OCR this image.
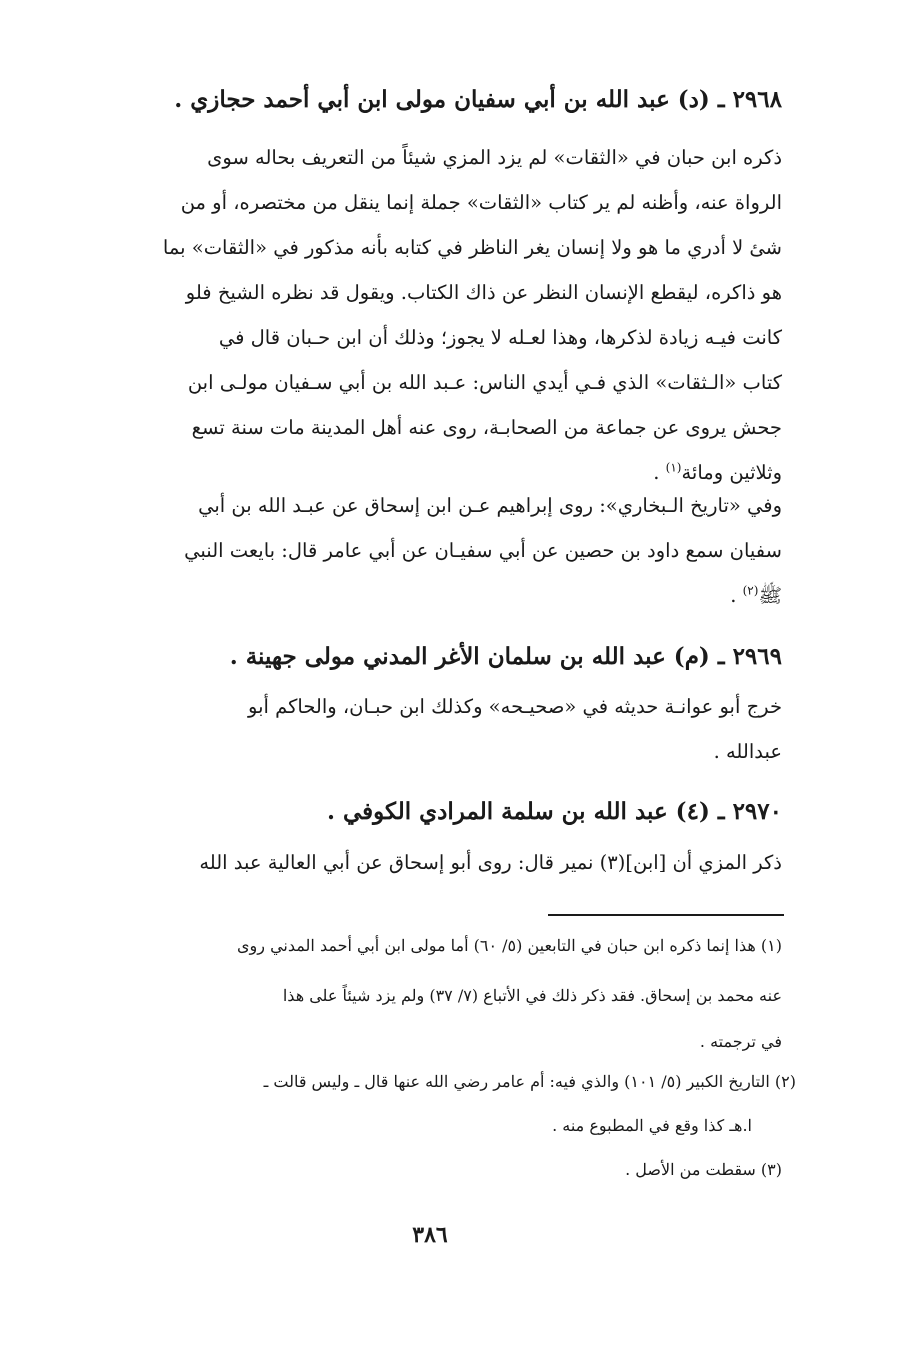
٢٩٦٨ ـ (د) عبد الله بن أبي سفيان مولى ابن أبي أحمد حجازي .
ذكره ابن حبان في «الثقات» لم يزد المزي شيئاً من التعريف بحاله سوى
الرواة عنه، وأظنه لم ير كتاب «الثقات» جملة إنما ينقل من مختصره، أو من
شئ لا أدري ما هو ولا إنسان يغر الناظر في كتابه بأنه مذكور في «الثقات» بما
هو ذاكره، ليقطع الإنسان النظر عن ذاك الكتاب. ويقول قد نظره الشيخ فلو
كانت فيـه زيادة لذكرها، وهذا لعـله لا يجوز؛ وذلك أن ابن حـبان قال في
كتاب «الـثقات» الذي فـي أيدي الناس: عـبد الله بن أبي سـفيان مولـى ابن
جحش يروى عن جماعة من الصحابـة، روى عنه أهل المدينة مات سنة تسع
وثلاثين ومائة$^{(١)}$ .
وفي «تاريخ الـبخاري»: روى إبراهيم عـن ابن إسحاق عن عبـد الله بن أبي
سفيان سمع داود بن حصين عن أبي سفيـان عن أبي عامر قال: بايعت النبي
ﷺ$^{(٢)}$ .
٢٩٦٩ ـ (م) عبد الله بن سلمان الأغر المدني مولى جهينة .
خرج أبو عوانـة حديثه في «صحيـحه» وكذلك ابن حبـان، والحاكم أبو
عبدالله .
٢٩٧٠ ـ (٤) عبد الله بن سلمة المرادي الكوفي .
ذكر المزي أن [ابن](٣) نمير قال: روى أبو إسحاق عن أبي العالية عبد الله
(١) هذا إنما ذكره ابن حبان في التابعين (٥/ ٦٠) أما مولى ابن أبي أحمد المدني روى
عنه محمد بن إسحاق. فقد ذكر ذلك في الأتباع (٧/ ٣٧) ولم يزد شيئاً على هذا
في ترجمته .
(٢) التاريخ الكبير (٥/ ١٠١) والذي فيه: أم عامر رضي الله عنها قال ـ وليس قالت ـ
ا.هـ كذا وقع في المطبوع منه .
(٣) سقطت من الأصل .
٣٨٦
